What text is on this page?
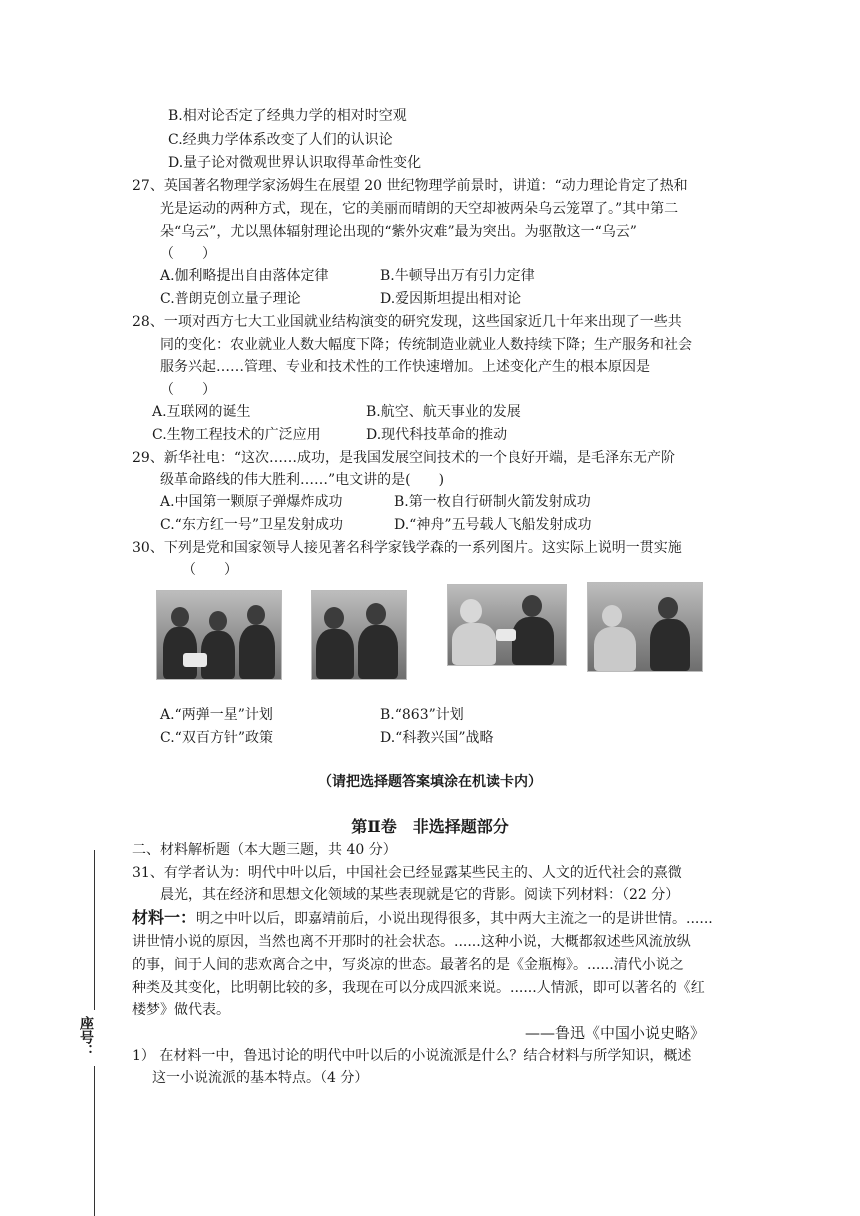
B.相对论否定了经典力学的相对时空观
C.经典力学体系改变了人们的认识论
D.量子论对微观世界认识取得革命性变化
27、英国著名物理学家汤姆生在展望 20 世纪物理学前景时，讲道：“动力理论肯定了热和
光是运动的两种方式，现在，它的美丽而晴朗的天空却被两朵乌云笼罩了。”其中第二
朵“乌云”，尤以黑体辐射理论出现的“紫外灾难”最为突出。为驱散这一“乌云”
（　　）
A.伽利略提出自由落体定律	B.牛顿导出万有引力定律
C.普朗克创立量子理论	D.爱因斯坦提出相对论
28、一项对西方七大工业国就业结构演变的研究发现，这些国家近几十年来出现了一些共
同的变化：农业就业人数大幅度下降；传统制造业就业人数持续下降；生产服务和社会
服务兴起……管理、专业和技术性的工作快速增加。上述变化产生的根本原因是
（　　）
A.互联网的诞生	B.航空、航天事业的发展
C.生物工程技术的广泛应用	D.现代科技革命的推动
29、新华社电：“这次……成功，是我国发展空间技术的一个良好开端，是毛泽东无产阶
级革命路线的伟大胜利……”电文讲的是(　　)
A.中国第一颗原子弹爆炸成功	B.第一枚自行研制火箭发射成功
C.“东方红一号”卫星发射成功	D.“神舟”五号载人飞船发射成功
30、下列是党和国家领导人接见著名科学家钱学森的一系列图片。这实际上说明一贯实施
（　　）
A.“两弹一星”计划	B.“863”计划
C.“双百方针”政策	D.“科教兴国”战略
（请把选择题答案填涂在机读卡内）
第Ⅱ卷　非选择题部分
二、材料解析题（本大题三题，共 40 分）
31、有学者认为：明代中叶以后，中国社会已经显露某些民主的、人文的近代社会的熹微
晨光，其在经济和思想文化领域的某些表现就是它的背影。阅读下列材料：（22 分）
材料一：明之中叶以后，即嘉靖前后，小说出现得很多，其中两大主流之一的是讲世情。......
讲世情小说的原因，当然也离不开那时的社会状态。......这种小说，大概都叙述些风流放纵
的事，间于人间的悲欢离合之中，写炎凉的世态。最著名的是《金瓶梅》。......清代小说之
种类及其变化，比明朝比较的多，我现在可以分成四派来说。......人情派，即可以著名的《红
楼梦》做代表。
——鲁迅《中国小说史略》
1） 在材料一中，鲁迅讨论的明代中叶以后的小说流派是什么？结合材料与所学知识，概述
这一小说流派的基本特点。（4 分）
座号：
